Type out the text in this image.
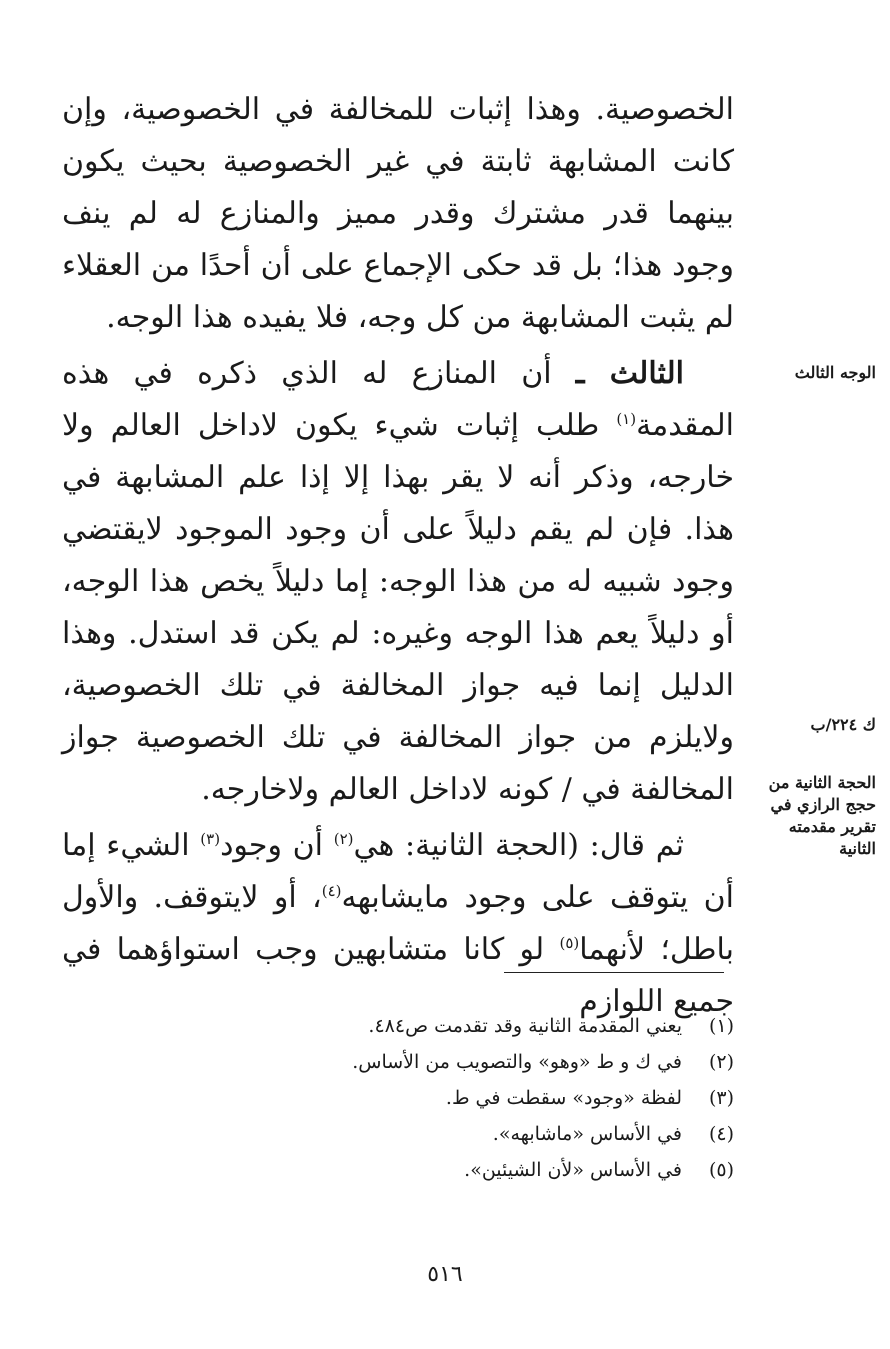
الخصوصية. وهذا إثبات للمخالفة في الخصوصية، وإن كانت المشابهة ثابتة في غير الخصوصية بحيث يكون بينهما قدر مشترك وقدر مميز والمنازع له لم ينف وجود هذا؛ بل قد حكى الإجماع على أن أحدًا من العقلاء لم يثبت المشابهة من كل وجه، فلا يفيده هذا الوجه.

الثالث ـ أن المنازع له الذي ذكره في هذه المقدمة$^{(١)}$ طلب إثبات شيء يكون لاداخل العالم ولا خارجه، وذكر أنه لا يقر بهذا إلا إذا علم المشابهة في هذا. فإن لم يقم دليلاً على أن وجود الموجود لايقتضي وجود شبيه له من هذا الوجه: إما دليلاً يخص هذا الوجه، أو دليلاً يعم هذا الوجه وغيره: لم يكن قد استدل. وهذا الدليل إنما فيه جواز المخالفة في تلك الخصوصية، ولايلزم من جواز المخالفة في تلك الخصوصية جواز المخالفة في / كونه لاداخل العالم ولاخارجه.

ثم قال: (الحجة الثانية: هي$^{(٢)}$ أن وجود$^{(٣)}$ الشيء إما أن يتوقف على وجود مايشابهه$^{(٤)}$، أو لايتوقف. والأول باطل؛ لأنهما$^{(٥)}$ لو كانا متشابهين وجب استواؤهما في جميع اللوازم

الوجه الثالث
ك ٢٢٤/ب
الحجة الثانية من حجج الرازي في تقرير مقدمته الثانية
(١)
يعني المقدمة الثانية وقد تقدمت ص٤٨٤.
(٢)
في ك و ط «وهو» والتصويب من الأساس.
(٣)
لفظة «وجود» سقطت في ط.
(٤)
في الأساس «ماشابهه».
(٥)
في الأساس «لأن الشيئين».
٥١٦
